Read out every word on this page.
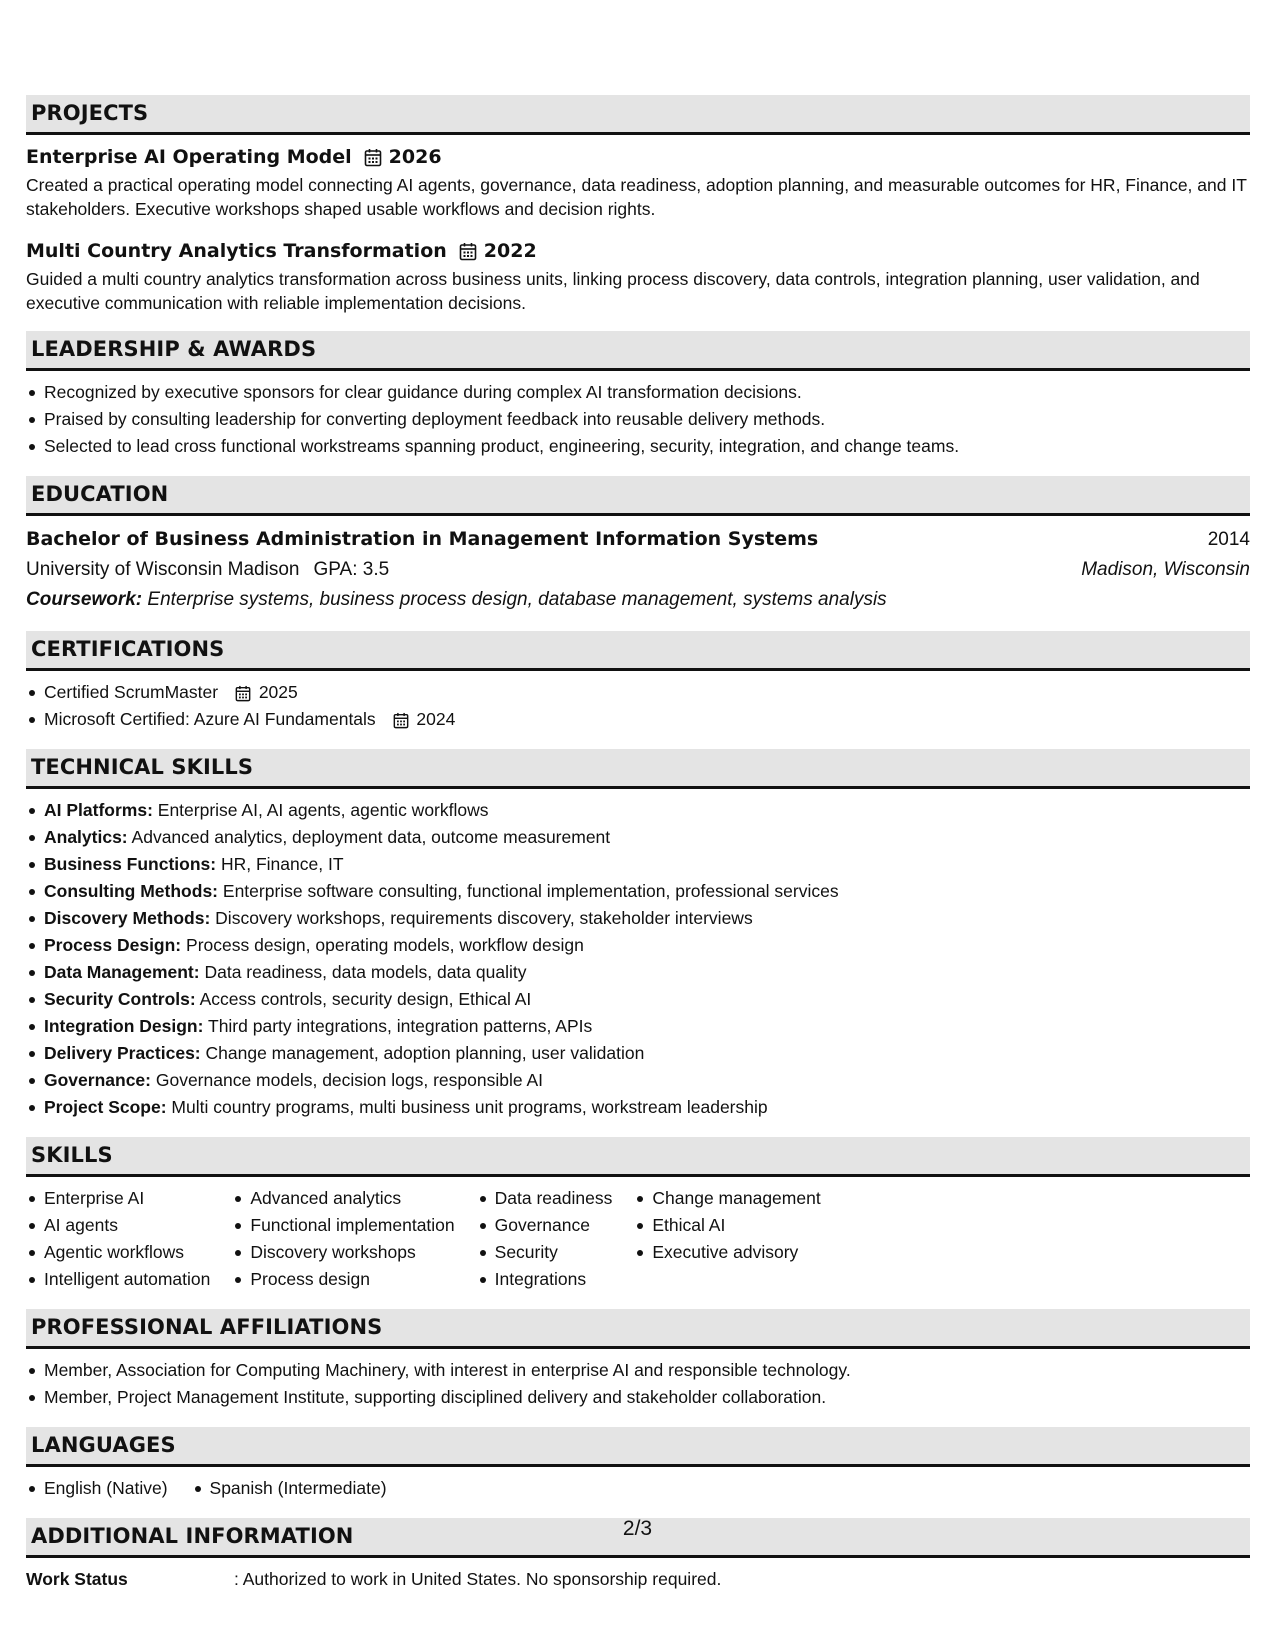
PROJECTS
Enterprise AI Operating Model 2026
Created a practical operating model connecting AI agents, governance, data readiness, adoption planning, and measurable outcomes for HR, Finance, and IT stakeholders. Executive workshops shaped usable workflows and decision rights.
Multi Country Analytics Transformation 2022
Guided a multi country analytics transformation across business units, linking process discovery, data controls, integration planning, user validation, and executive communication with reliable implementation decisions.
LEADERSHIP & AWARDS
Recognized by executive sponsors for clear guidance during complex AI transformation decisions.
Praised by consulting leadership for converting deployment feedback into reusable delivery methods.
Selected to lead cross functional workstreams spanning product, engineering, security, integration, and change teams.
EDUCATION
Bachelor of Business Administration in Management Information Systems	2014
University of Wisconsin Madison GPA: 3.5	Madison, Wisconsin
Coursework: Enterprise systems, business process design, database management, systems analysis
CERTIFICATIONS
Certified ScrumMaster 2025
Microsoft Certified: Azure AI Fundamentals 2024
TECHNICAL SKILLS
AI Platforms: Enterprise AI, AI agents, agentic workflows
Analytics: Advanced analytics, deployment data, outcome measurement
Business Functions: HR, Finance, IT
Consulting Methods: Enterprise software consulting, functional implementation, professional services
Discovery Methods: Discovery workshops, requirements discovery, stakeholder interviews
Process Design: Process design, operating models, workflow design
Data Management: Data readiness, data models, data quality
Security Controls: Access controls, security design, Ethical AI
Integration Design: Third party integrations, integration patterns, APIs
Delivery Practices: Change management, adoption planning, user validation
Governance: Governance models, decision logs, responsible AI
Project Scope: Multi country programs, multi business unit programs, workstream leadership
SKILLS
Enterprise AI
AI agents
Agentic workflows
Intelligent automation
Advanced analytics
Functional implementation
Discovery workshops
Process design
Data readiness
Governance
Security
Integrations
Change management
Ethical AI
Executive advisory
PROFESSIONAL AFFILIATIONS
Member, Association for Computing Machinery, with interest in enterprise AI and responsible technology.
Member, Project Management Institute, supporting disciplined delivery and stakeholder collaboration.
LANGUAGES
English (Native)	Spanish (Intermediate)
ADDITIONAL INFORMATION
Work Status	: Authorized to work in United States. No sponsorship required.
2/3
